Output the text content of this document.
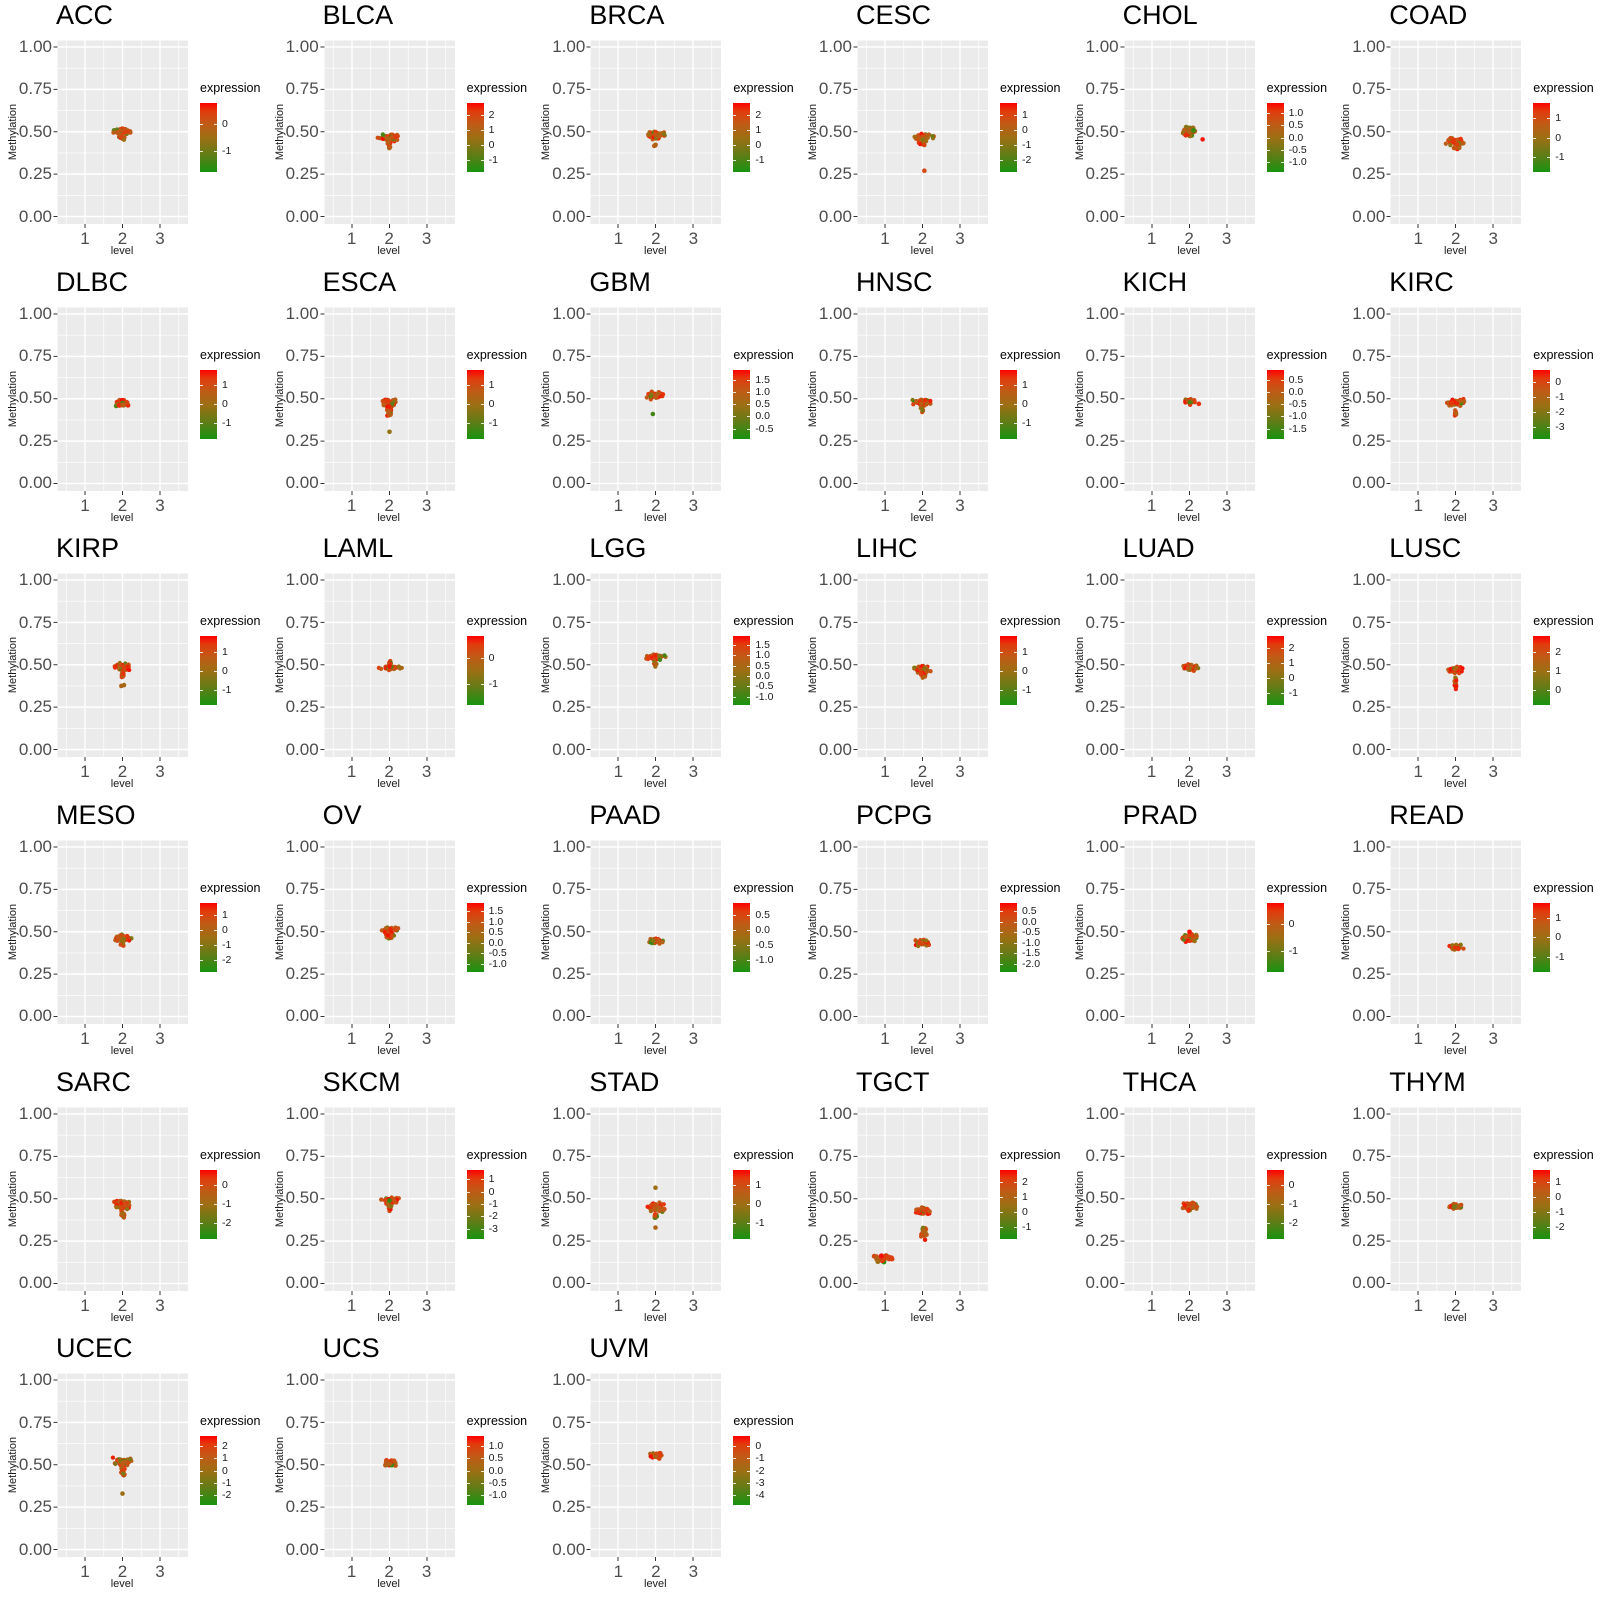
ACC
Methylation
1.00
0.75
0.50
0.25
0.00
1 2 3
level
expression
0
-1
BLCA
Methylation
1.00
0.75
0.50
0.25
0.00
1 2 3
level
expression
2
1
0
-1
BRCA
Methylation
1.00
0.75
0.50
0.25
0.00
1 2 3
level
expression
2
1
0
-1
CESC
Methylation
1.00
0.75
0.50
0.25
0.00
1 2 3
level
expression
1
0
-1
-2
CHOL
Methylation
1.00
0.75
0.50
0.25
0.00
1 2 3
level
expression
1.0
0.5
0.0
-0.5
-1.0
COAD
Methylation
1.00
0.75
0.50
0.25
0.00
1 2 3
level
expression
1
0
-1
DLBC
Methylation
1.00
0.75
0.50
0.25
0.00
1 2 3
level
expression
1
0
-1
ESCA
Methylation
1.00
0.75
0.50
0.25
0.00
1 2 3
level
expression
1
0
-1
GBM
Methylation
1.00
0.75
0.50
0.25
0.00
1 2 3
level
expression
1.5
1.0
0.5
0.0
-0.5
HNSC
Methylation
1.00
0.75
0.50
0.25
0.00
1 2 3
level
expression
1
0
-1
KICH
Methylation
1.00
0.75
0.50
0.25
0.00
1 2 3
level
expression
0.5
0.0
-0.5
-1.0
-1.5
KIRC
Methylation
1.00
0.75
0.50
0.25
0.00
1 2 3
level
expression
0
-1
-2
-3
KIRP
Methylation
1.00
0.75
0.50
0.25
0.00
1 2 3
level
expression
1
0
-1
LAML
Methylation
1.00
0.75
0.50
0.25
0.00
1 2 3
level
expression
0
-1
LGG
Methylation
1.00
0.75
0.50
0.25
0.00
1 2 3
level
expression
1.5
1.0
0.5
0.0
-0.5
-1.0
LIHC
Methylation
1.00
0.75
0.50
0.25
0.00
1 2 3
level
expression
1
0
-1
LUAD
Methylation
1.00
0.75
0.50
0.25
0.00
1 2 3
level
expression
2
1
0
-1
LUSC
Methylation
1.00
0.75
0.50
0.25
0.00
1 2 3
level
expression
2
1
0
MESO
Methylation
1.00
0.75
0.50
0.25
0.00
1 2 3
level
expression
1
0
-1
-2
OV
Methylation
1.00
0.75
0.50
0.25
0.00
1 2 3
level
expression
1.5
1.0
0.5
0.0
-0.5
-1.0
PAAD
Methylation
1.00
0.75
0.50
0.25
0.00
1 2 3
level
expression
0.5
0.0
-0.5
-1.0
PCPG
Methylation
1.00
0.75
0.50
0.25
0.00
1 2 3
level
expression
0.5
0.0
-0.5
-1.0
-1.5
-2.0
PRAD
Methylation
1.00
0.75
0.50
0.25
0.00
1 2 3
level
expression
0
-1
READ
Methylation
1.00
0.75
0.50
0.25
0.00
1 2 3
level
expression
1
0
-1
SARC
Methylation
1.00
0.75
0.50
0.25
0.00
1 2 3
level
expression
0
-1
-2
SKCM
Methylation
1.00
0.75
0.50
0.25
0.00
1 2 3
level
expression
1
0
-1
-2
-3
STAD
Methylation
1.00
0.75
0.50
0.25
0.00
1 2 3
level
expression
1
0
-1
TGCT
Methylation
1.00
0.75
0.50
0.25
0.00
1 2 3
level
expression
2
1
0
-1
THCA
Methylation
1.00
0.75
0.50
0.25
0.00
1 2 3
level
expression
0
-1
-2
THYM
Methylation
1.00
0.75
0.50
0.25
0.00
1 2 3
level
expression
1
0
-1
-2
UCEC
Methylation
1.00
0.75
0.50
0.25
0.00
1 2 3
level
expression
2
1
0
-1
-2
UCS
Methylation
1.00
0.75
0.50
0.25
0.00
1 2 3
level
expression
1.0
0.5
0.0
-0.5
-1.0
UVM
Methylation
1.00
0.75
0.50
0.25
0.00
1 2 3
level
expression
0
-1
-2
-3
-4
